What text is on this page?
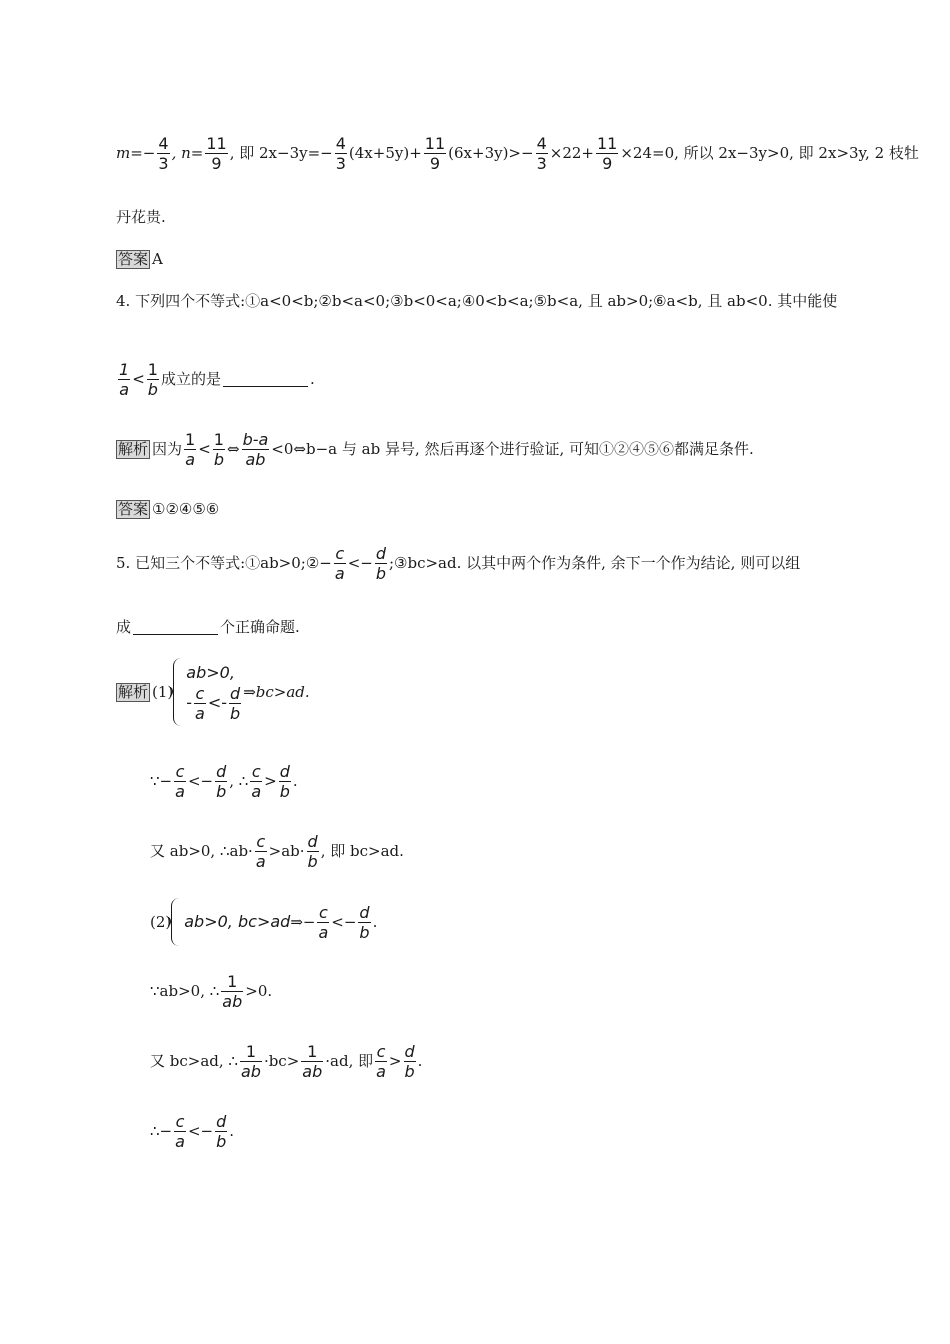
$m=- \frac{4}{3}$ , $n= \frac{11}{9}$ , 即 $2x-3y=- \frac{4}{3} (4x+5y)+ \frac{11}{9} (6x+3y)>- \frac{4}{3} \times 22+ \frac{11}{9} \times 24=0$, 所以 2x−3y>0, 即 2x>3y, 2 枝牡
丹花贵.
答案 A
4. 下列四个不等式:①a<0<b;②b<a<0;③b<0<a;④0<b<a;⑤b<a, 且 ab>0;⑥a<b, 且 ab<0. 其中能使
$\frac{1}{a} < \frac{1}{b}$ 成立的是	.
解析 因为 $\frac{1}{a} < \frac{1}{b}$ ⇔ $\frac{b-a}{ab}$ <0⇔b−a 与 ab 异号, 然后再逐个进行验证, 可知①②④⑤⑥都满足条件.
答案 ①②④⑤⑥
5. 已知三个不等式:①ab>0;②− $\frac{c}{a} <- \frac{d}{b}$ ;③bc>ad. 以其中两个作为条件, 余下一个作为结论, 则可以组
成	个正确命题.
解析 (1)
ab>0,
- $\frac{c}{a} <- \frac{d}{b}$ ⇒bc>ad.
∵− $\frac{c}{a} <- \frac{d}{b}$ , ∴ $\frac{c}{a} > \frac{d}{b}$ .
又 ab>0, ∴ab· $\frac{c}{a} >ab\cdot \frac{d}{b}$ , 即 bc>ad.
(2) ab>0, bc>ad ⇒− $\frac{c}{a} <- \frac{d}{b}$ .
∵ab>0, ∴ $\frac{1}{ab} >0$.
又 bc>ad, ∴ $\frac{1}{ab} \cdot bc> \frac{1}{ab} \cdot ad$, 即 $\frac{c}{a} > \frac{d}{b}$ .
∴− $\frac{c}{a} <- \frac{d}{b}$ .
